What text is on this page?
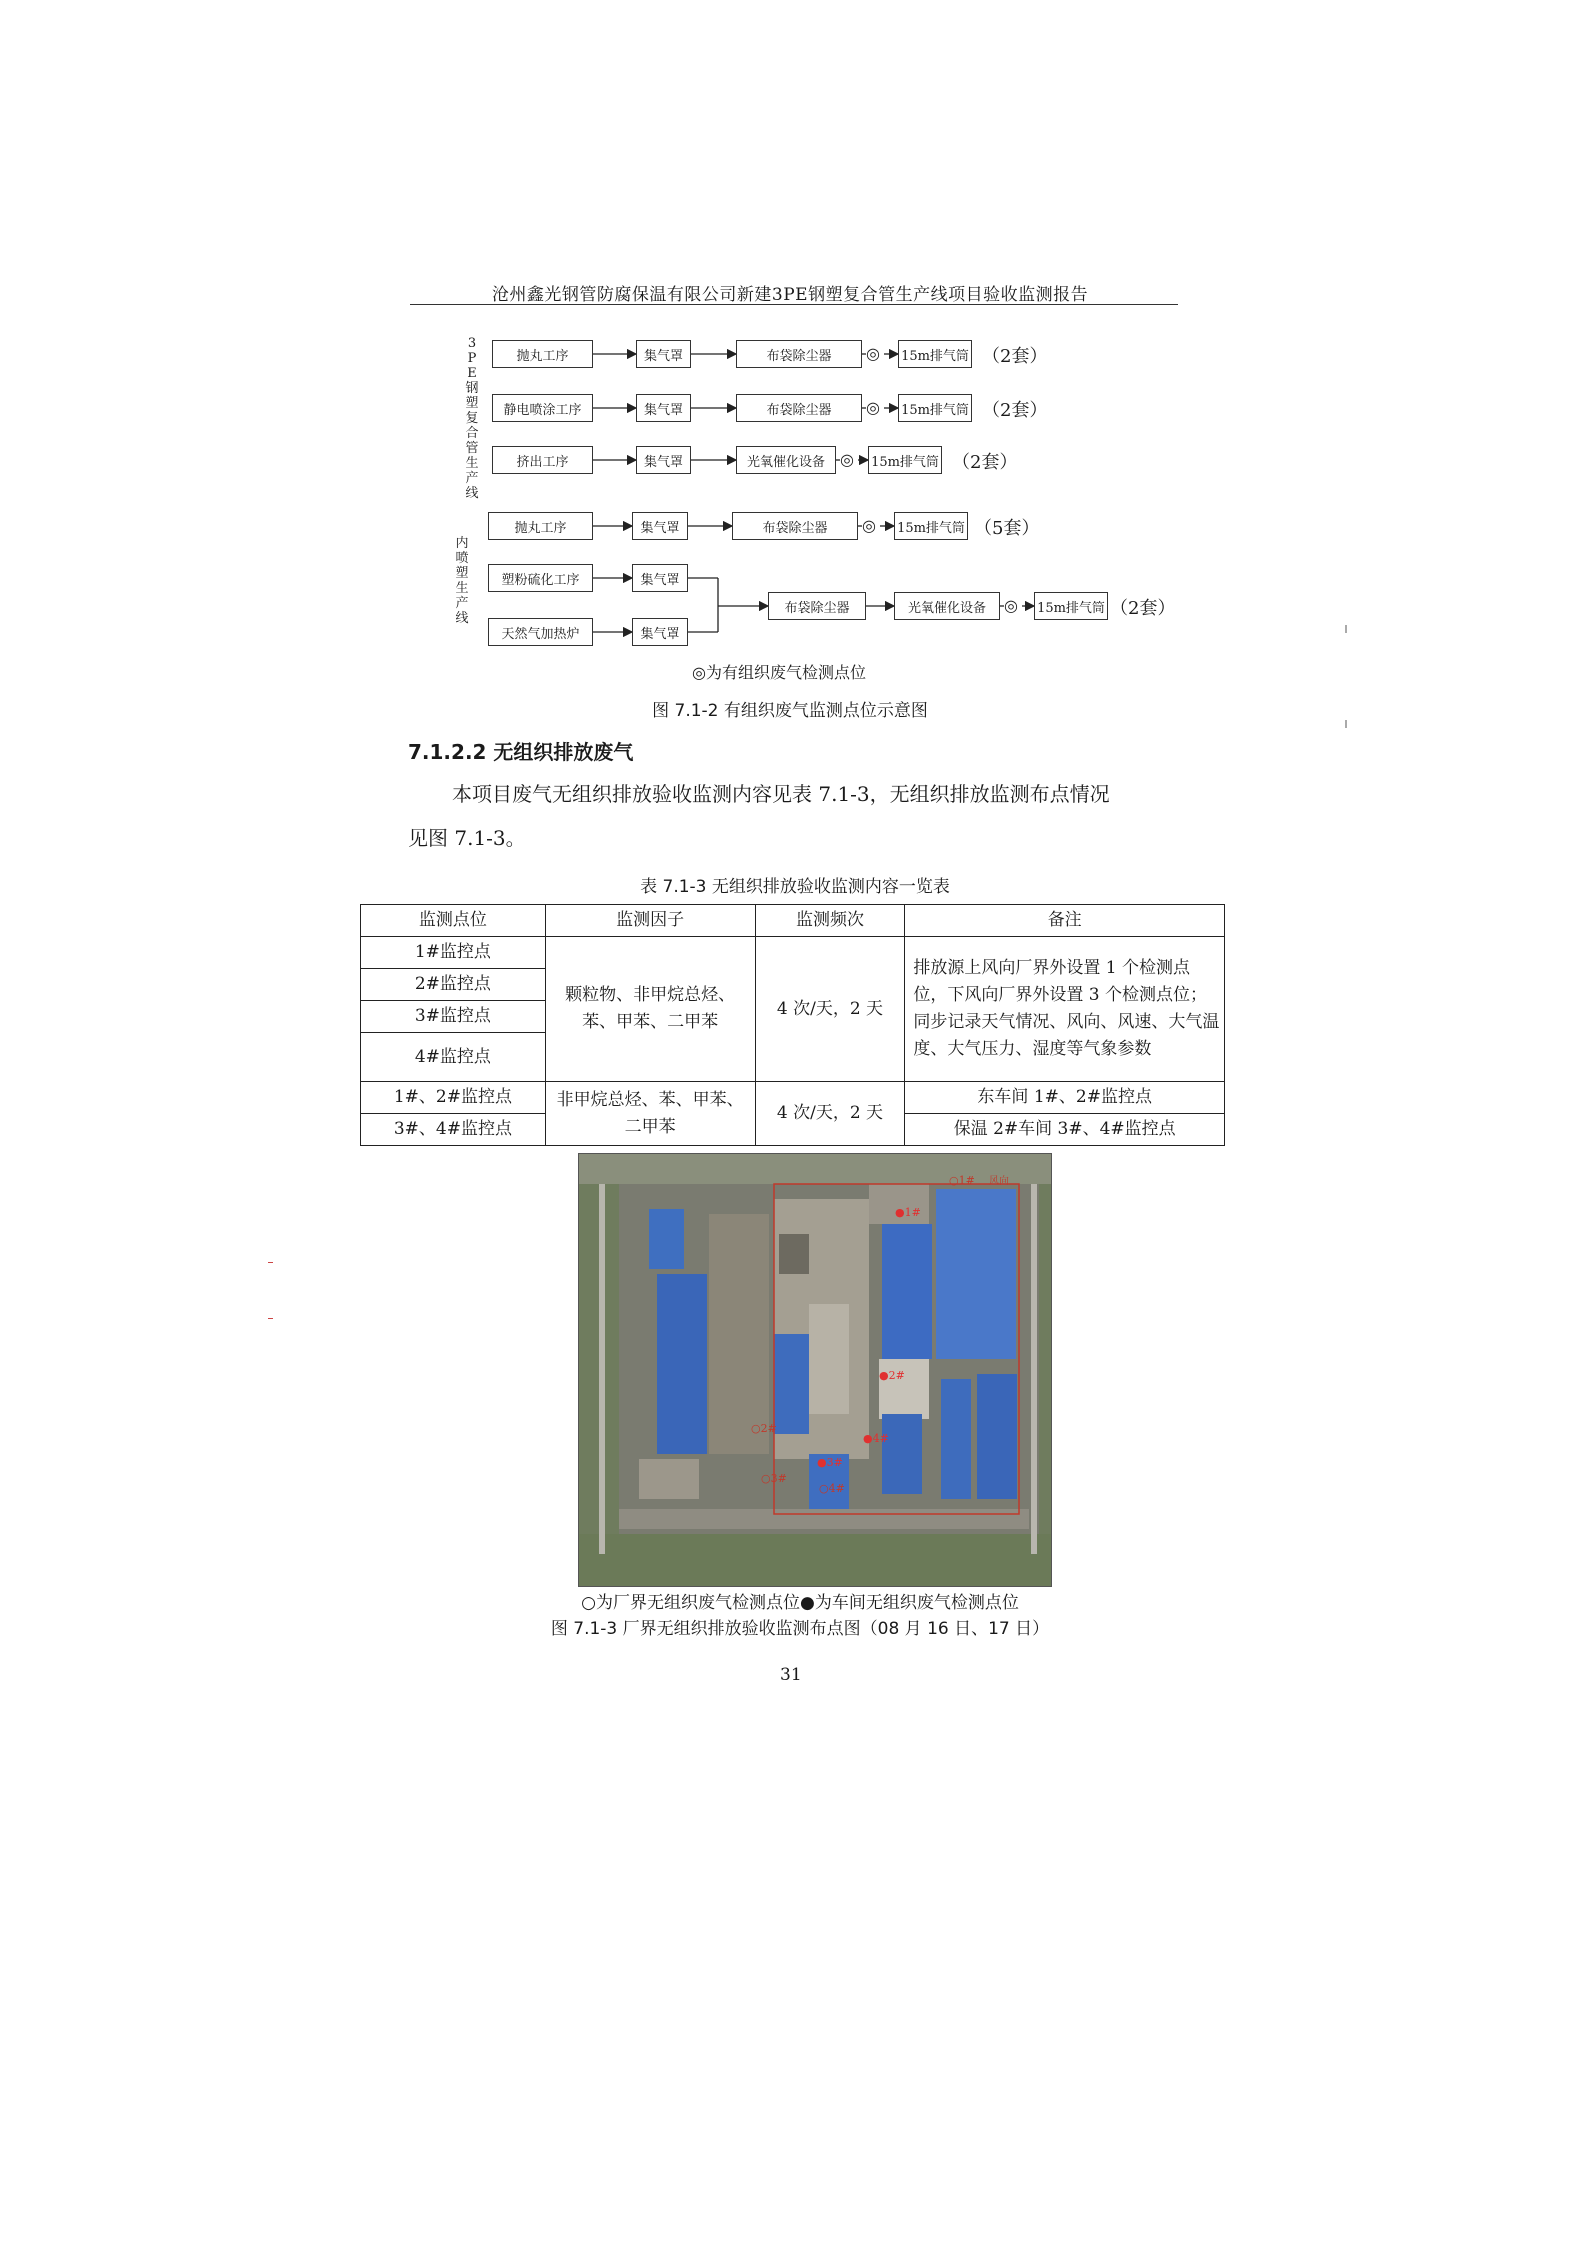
沧州鑫光钢管防腐保温有限公司新建3PE钢塑复合管生产线项目验收监测报告
3PE钢塑复合管生产线
内喷塑生产线
抛丸工序	集气罩	布袋除尘器	◎ 15m排气筒 （2套）
静电喷涂工序	集气罩	布袋除尘器	◎ 15m排气筒 （2套）
挤出工序	集气罩	光氧催化设备 ◎ 15m排气筒 （2套）
抛丸工序	集气罩	布袋除尘器	◎ 15m排气筒 （5套）
塑粉硫化工序	集气罩
天然气加热炉	集气罩
布袋除尘器	光氧催化设备	◎ 15m排气筒 （2套）
◎为有组织废气检测点位
图 7.1-2 有组织废气监测点位示意图
7.1.2.2 无组织排放废气
本项目废气无组织排放验收监测内容见表 7.1-3，无组织排放监测布点情况
见图 7.1-3。
表 7.1-3 无组织排放验收监测内容一览表
监测点位	监测因子	监测频次	备注
1#监控点	颗粒物、非甲烷总烃、苯、甲苯、二甲苯	4 次/天，2 天	排放源上风向厂界外设置 1 个检测点位，下风向厂界外设置 3 个检测点位；同步记录天气情况、风向、风速、大气温度、大气压力、湿度等气象参数
2#监控点			
3#监控点			
4#监控点			
1#、2#监控点	非甲烷总烃、苯、甲苯、二甲苯	4 次/天，2 天	东车间 1#、2#监控点
3#、4#监控点			保温 2#车间 3#、4#监控点
○1#
●1#
●2#
○2#
●3#
●4#
○3#
○4#
风向
○为厂界无组织废气检测点位●为车间无组织废气检测点位
图 7.1-3 厂界无组织排放验收监测布点图（08 月 16 日、17 日）
31
